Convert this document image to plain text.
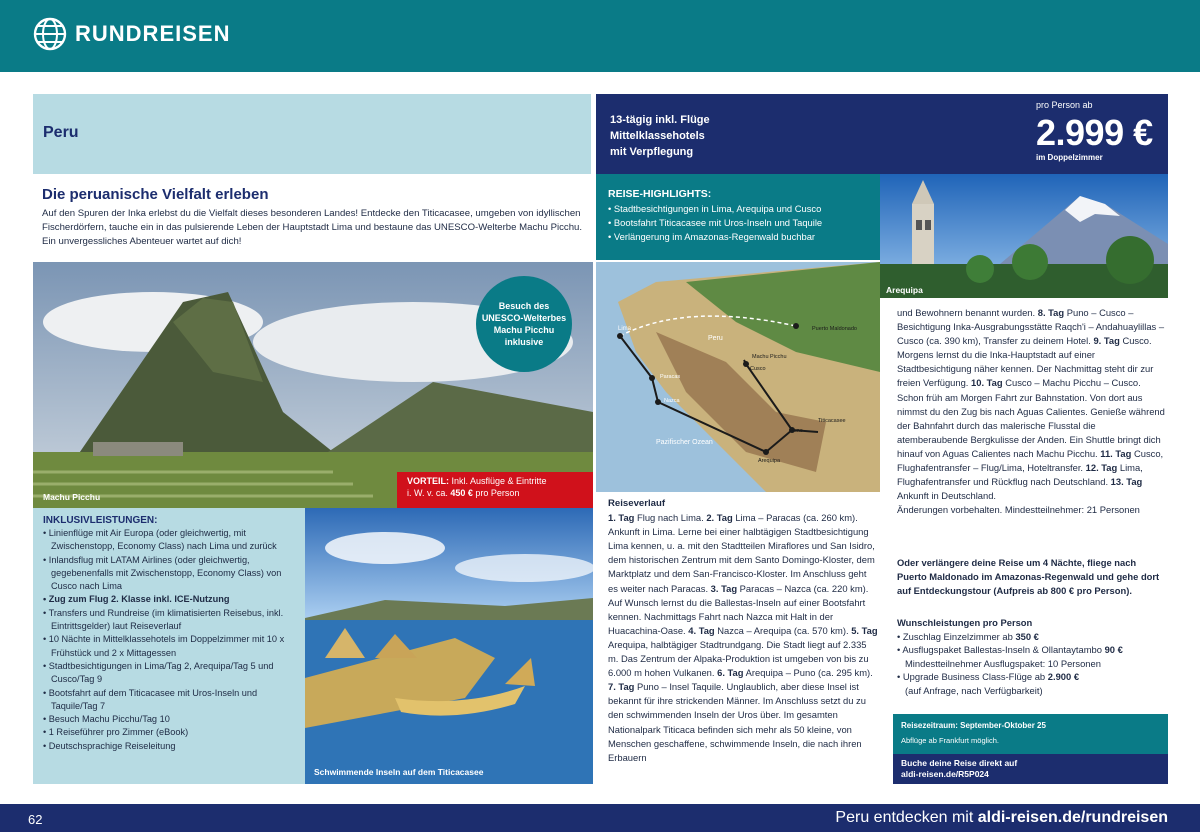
RUNDREISEN
Peru
13-tägig inkl. Flüge
Mittelklassehotels
mit Verpflegung
pro Person ab
2.999 €
im Doppelzimmer
Die peruanische Vielfalt erleben

Auf den Spuren der Inka erlebst du die Vielfalt dieses besonderen Landes! Entdecke den Titicacasee, umgeben von idyllischen Fischerdörfern, tauche ein in das pulsierende Leben der Hauptstadt Lima und bestaune das UNESCO-Welterbe Machu Picchu. Ein unvergessliches Abenteuer wartet auf dich!

REISE-HIGHLIGHTS:
• Stadtbesichtigungen in Lima, Arequipa und Cusco
• Bootsfahrt Titicacasee mit Uros-Inseln und Taquile
• Verlängerung im Amazonas-Regenwald buchbar
Arequipa
Machu Picchu
Besuch des
UNESCO-Welterbes
Machu Picchu
inklusive
VORTEIL: Inkl. Ausflüge & Eintritte
i. W. v. ca. 450 € pro Person
Lima
Peru
Puerto Maldonado
Machu Picchu
Cusco
Paracas
Nazca
Titicacasee
Puno
Arequipa
Pazifischer Ozean
INKLUSIVLEISTUNGEN:
• Linienflüge mit Air Europa (oder gleichwertig, mit Zwischenstopp, Economy Class) nach Lima und zurück
• Inlandsflug mit LATAM Airlines (oder gleichwertig, gegebenenfalls mit Zwischenstopp, Economy Class) von Cusco nach Lima
• Zug zum Flug 2. Klasse inkl. ICE-Nutzung
• Transfers und Rundreise (im klimatisierten Reisebus, inkl. Eintrittsgelder) laut Reiseverlauf
• 10 Nächte in Mittelklassehotels im Doppelzimmer mit 10 x Frühstück und 2 x Mittagessen
• Stadtbesichtigungen in Lima/Tag 2, Arequipa/Tag 5 und Cusco/Tag 9
• Bootsfahrt auf dem Titicacasee mit Uros-Inseln und Taquile/Tag 7
• Besuch Machu Picchu/Tag 10
• 1 Reiseführer pro Zimmer (eBook)
• Deutschsprachige Reiseleitung
Schwimmende Inseln auf dem Titicacasee
Reiseverlauf

1. Tag Flug nach Lima. 2. Tag Lima – Paracas (ca. 260 km). Ankunft in Lima. Lerne bei einer halbtägigen Stadtbesichtigung Lima kennen, u. a. mit den Stadtteilen Miraflores und San Isidro, dem historischen Zentrum mit dem Santo Domingo-Kloster, dem Marktplatz und dem San-Francisco-Kloster. Im Anschluss geht es weiter nach Paracas. 3. Tag Paracas – Nazca (ca. 220 km). Auf Wunsch lernst du die Ballestas-Inseln auf einer Bootsfahrt kennen. Nachmittags Fahrt nach Nazca mit Halt in der Huacachina-Oase. 4. Tag Nazca – Arequipa (ca. 570 km). 5. Tag Arequipa, halbtägiger Stadtrundgang. Die Stadt liegt auf 2.335 m. Das Zentrum der Alpaka-Produktion ist umgeben von bis zu 6.000 m hohen Vulkanen. 6. Tag Arequipa – Puno (ca. 295 km). 7. Tag Puno – Insel Taquile. Unglaublich, aber diese Insel ist bekannt für ihre strickenden Männer. Im Anschluss setzt du zu den schwimmenden Inseln der Uros über. Im gesamten Nationalpark Titicaca befinden sich mehr als 50 kleine, von Menschen geschaffene, schwimmende Inseln, die nach ihren Erbauern

und Bewohnern benannt wurden. 8. Tag Puno – Cusco – Besichtigung Inka-Ausgrabungsstätte Raqch'i – Andahuaylillas – Cusco (ca. 390 km), Transfer zu deinem Hotel. 9. Tag Cusco. Morgens lernst du die Inka-Hauptstadt auf einer Stadtbesichtigung näher kennen. Der Nachmittag steht dir zur freien Verfügung. 10. Tag Cusco – Machu Picchu – Cusco. Schon früh am Morgen Fahrt zur Bahnstation. Von dort aus nimmst du den Zug bis nach Aguas Calientes. Genieße während der Bahnfahrt durch das malerische Flusstal die atemberaubende Bergkulisse der Anden. Ein Shuttle bringt dich hinauf von Aguas Calientes nach Machu Picchu. 11. Tag Cusco, Flughafentransfer – Flug/Lima, Hoteltransfer. 12. Tag Lima, Flughafentransfer und Rückflug nach Deutschland. 13. Tag Ankunft in Deutschland.

Änderungen vorbehalten. Mindestteilnehmer: 21 Personen

Oder verlängere deine Reise um 4 Nächte, fliege nach Puerto Maldonado im Amazonas-Regenwald und gehe dort auf Entdeckungstour (Aufpreis ab 800 € pro Person).
Wunschleistungen pro Person
• Zuschlag Einzelzimmer ab 350 €
• Ausflugspaket Ballestas-Inseln & Ollantaytambo 90 €
Mindestteilnehmer Ausflugspaket: 10 Personen
• Upgrade Business Class-Flüge ab 2.900 €
(auf Anfrage, nach Verfügbarkeit)
Reisezeitraum: September-Oktober 25
Abflüge ab Frankfurt möglich.
Buche deine Reise direkt auf
aldi-reisen.de/R5P024
62	Peru entdecken mit aldi-reisen.de/rundreisen
